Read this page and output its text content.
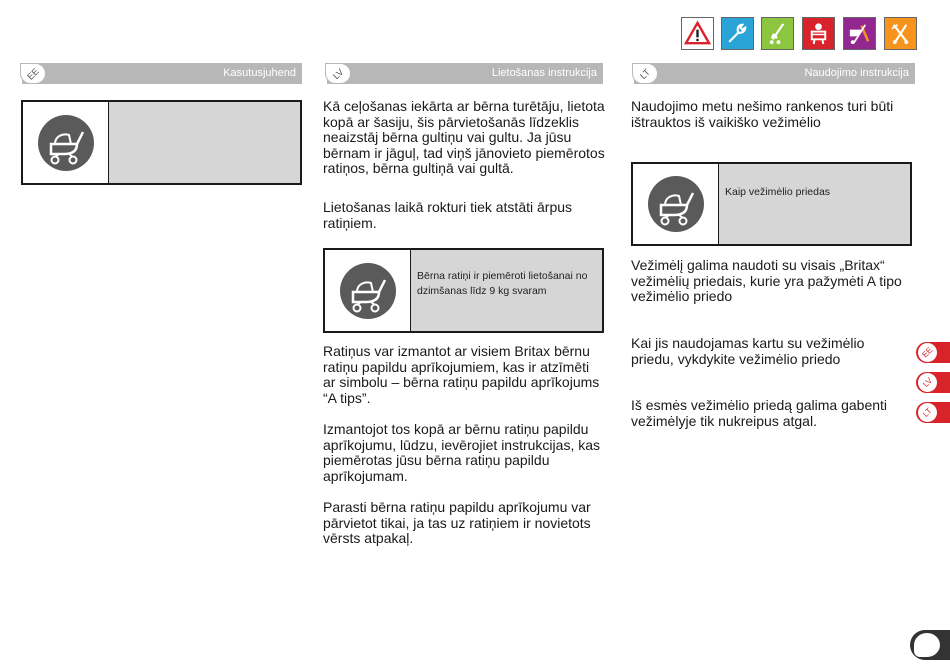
EE	Kasutusjuhend	LV	Lietošanas instrukcija	LT	Naudojimo instrukcija
Kā ceļošanas iekārta ar bērna turētāju, lietota kopā ar šasiju, šis pārvietošanās līdzeklis neaizstāj bērna gultiņu vai gultu. Ja jūsu bērnam ir jāguļ, tad viņš jānovieto piemērotos ratiņos, bērna gultiņā vai gultā.
Lietošanas laikā rokturi tiek atstāti ārpus ratiņiem.
Bērna ratiņi ir piemēroti lietošanai no dzimšanas līdz 9 kg svaram
Ratiņus var izmantot ar visiem Britax bērnu ratiņu papildu aprīkojumiem, kas ir atzīmēti ar simbolu – bērna ratiņu papildu aprīkojums “A tips”.
Izmantojot tos kopā ar bērnu ratiņu papildu aprīkojumu, lūdzu, ievērojiet instrukcijas, kas piemērotas jūsu bērna ratiņu papildu aprīkojumam.
Parasti bērna ratiņu papildu aprīkojumu var pārvietot tikai, ja tas uz ratiņiem ir novietots vērsts atpakaļ.
Naudojimo metu nešimo rankenos turi būti ištrauktos iš vaikiško vežimėlio
Kaip vežimėlio priedas
Vežimėlį galima naudoti su visais „Britax“ vežimėlių priedais, kurie yra pažymėti A tipo vežimėlio priedo
Kai jis naudojamas kartu su vežimėlio priedu, vykdykite vežimėlio priedo
Iš esmės vežimėlio priedą galima gabenti vežimėlyje tik nukreipus atgal.
EE
LV
LT
